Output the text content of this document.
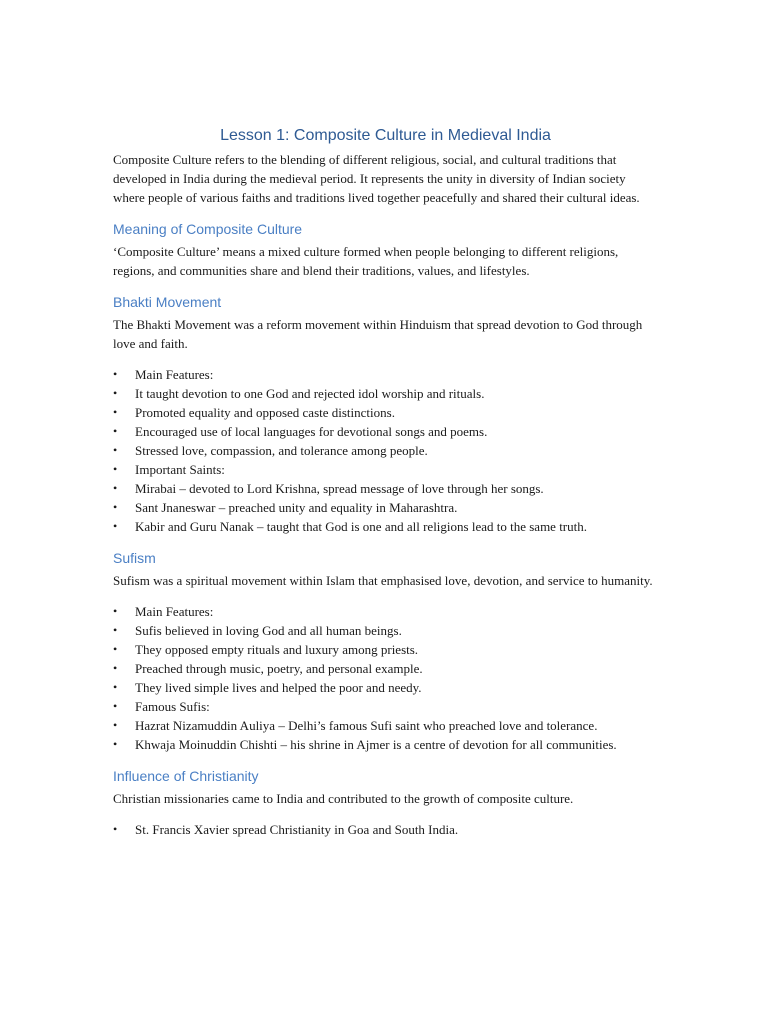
Lesson 1: Composite Culture in Medieval India

Composite Culture refers to the blending of different religious, social, and cultural traditions that developed in India during the medieval period. It represents the unity in diversity of Indian society where people of various faiths and traditions lived together peacefully and shared their cultural ideas.

Meaning of Composite Culture

‘Composite Culture’ means a mixed culture formed when people belonging to different religions, regions, and communities share and blend their traditions, values, and lifestyles.

Bhakti Movement

The Bhakti Movement was a reform movement within Hinduism that spread devotion to God through love and faith.

• Main Features:
• It taught devotion to one God and rejected idol worship and rituals.
• Promoted equality and opposed caste distinctions.
• Encouraged use of local languages for devotional songs and poems.
• Stressed love, compassion, and tolerance among people.
• Important Saints:
• Mirabai – devoted to Lord Krishna, spread message of love through her songs.
• Sant Jnaneswar – preached unity and equality in Maharashtra.
• Kabir and Guru Nanak – taught that God is one and all religions lead to the same truth.
Sufism

Sufism was a spiritual movement within Islam that emphasised love, devotion, and service to humanity.

• Main Features:
• Sufis believed in loving God and all human beings.
• They opposed empty rituals and luxury among priests.
• Preached through music, poetry, and personal example.
• They lived simple lives and helped the poor and needy.
• Famous Sufis:
• Hazrat Nizamuddin Auliya – Delhi’s famous Sufi saint who preached love and tolerance.
• Khwaja Moinuddin Chishti – his shrine in Ajmer is a centre of devotion for all communities.
Influence of Christianity

Christian missionaries came to India and contributed to the growth of composite culture.

• St. Francis Xavier spread Christianity in Goa and South India.
